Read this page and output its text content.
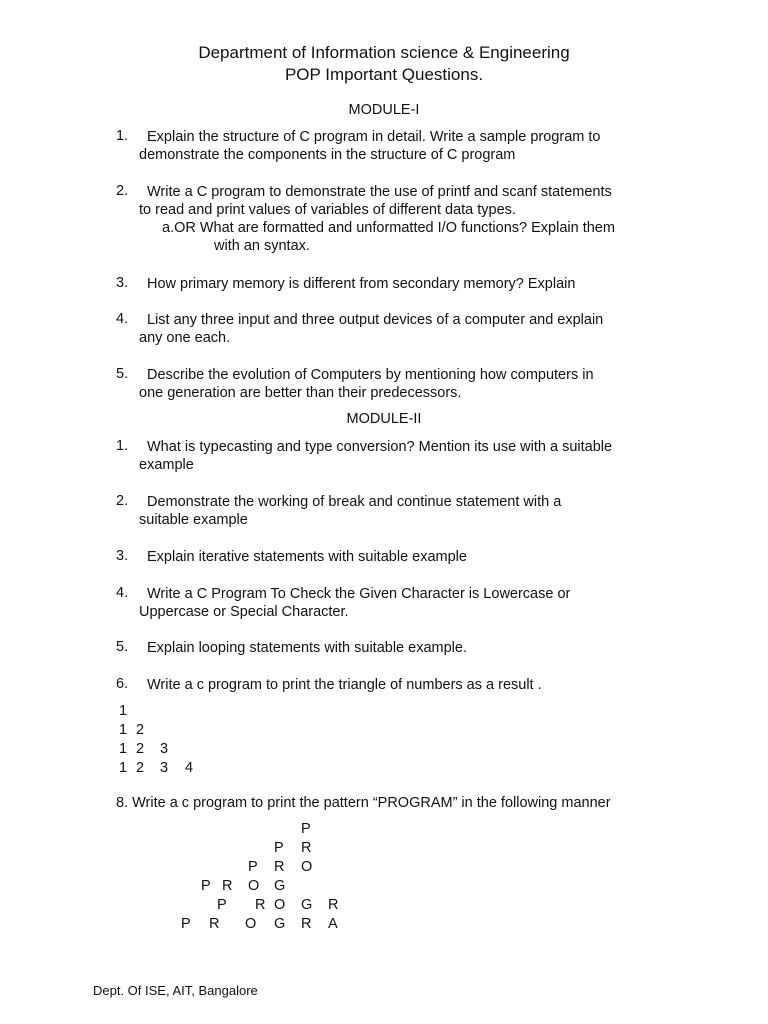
Department of Information science & Engineering
POP Important Questions.
MODULE-I
1.	Explain the structure of C program in detail. Write a sample program to
demonstrate the components in the structure of C program
2.	Write a C program to demonstrate the use of printf and scanf statements
to read and print values of variables of different data types.
a.OR What are formatted and unformatted I/O functions? Explain them
with an syntax.
3.	How primary memory is different from secondary memory? Explain
4.	List any three input and three output devices of a computer and explain
any one each.
5.	Describe the evolution of Computers by mentioning how computers in
one generation are better than their predecessors.
MODULE-II
1.	What is typecasting and type conversion? Mention its use with a suitable
example
2.	Demonstrate the working of break and continue statement with a
suitable example
3.	Explain iterative statements with suitable example
4.	Write a C Program To Check the Given Character is Lowercase or
Uppercase or Special Character.
5.	Explain looping statements with suitable example.
6.	Write a c program to print the triangle of numbers as a result .
1
1 2
1 2 3
1 2 3 4
8. Write a c program to print the pattern “PROGRAM” in the following manner
P
P R
P R O
P R O G
P R O G R
P R O G R A
Dept. Of ISE, AIT, Bangalore
